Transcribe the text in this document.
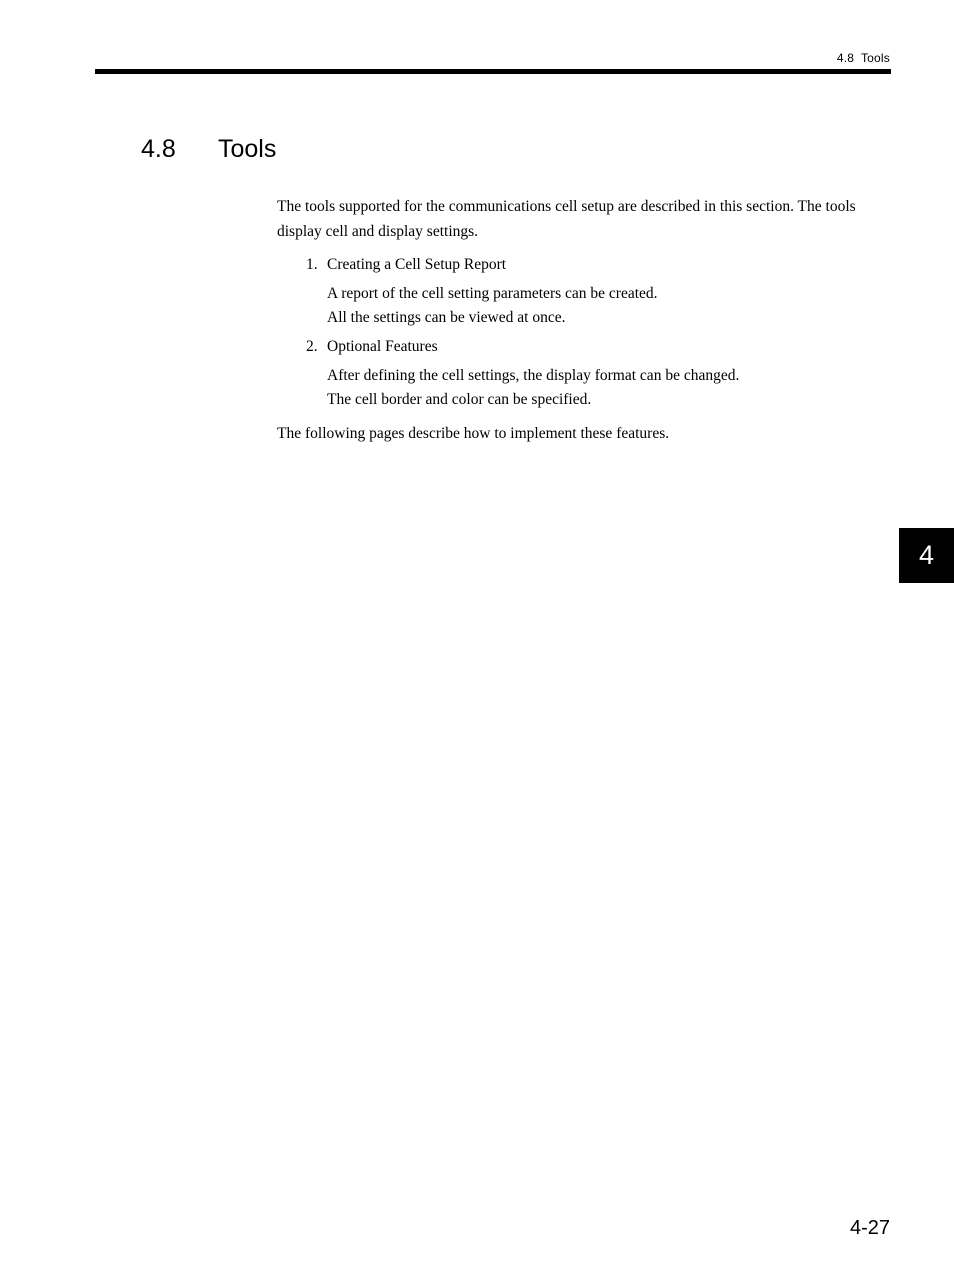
4.8  Tools
4.8 Tools

The tools supported for the communications cell setup are described in this section. The tools display cell and display settings.

1. Creating a Cell Setup Report
A report of the cell setting parameters can be created.
All the settings can be viewed at once.
2. Optional Features
After defining the cell settings, the display format can be changed.
The cell border and color can be specified.

The following pages describe how to implement these features.

4
4-27
